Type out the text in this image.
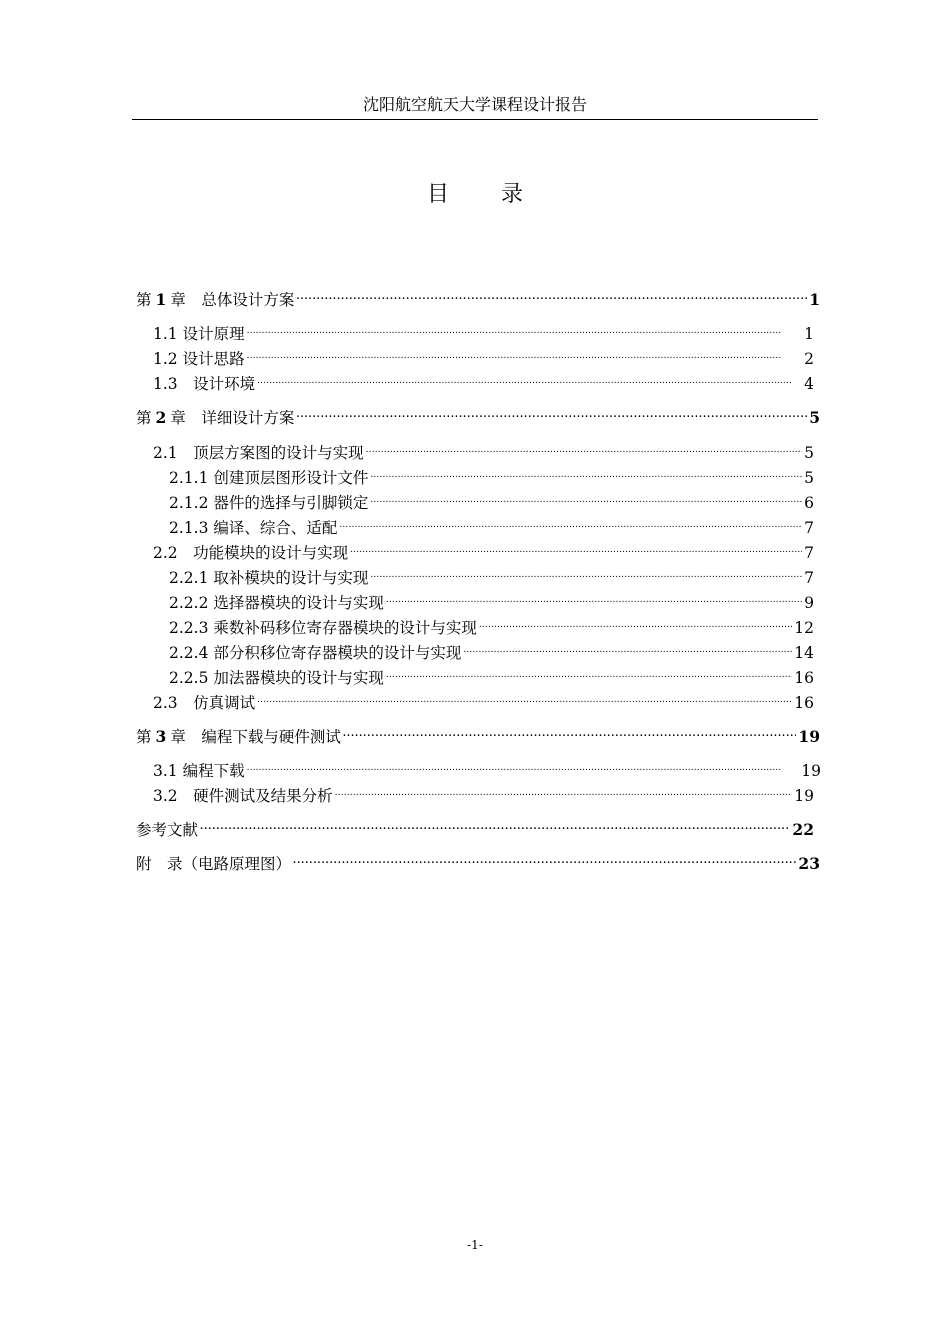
沈阳航空航天大学课程设计报告
目 录
第 1 章　总体设计方案 . . .	1
1.1 设计原理 . . .	1
1.2 设计思路 . . .	2
1.3　设计环境 . . .	4
第 2 章　详细设计方案 . . .	5
2.1　顶层方案图的设计与实现 . . .	5
2.1.1 创建顶层图形设计文件 . . .	5
2.1.2 器件的选择与引脚锁定 . . .	6
2.1.3 编译、综合、适配 . . .	7
2.2　功能模块的设计与实现 . . .	7
2.2.1 取补模块的设计与实现 . . .	7
2.2.2 选择器模块的设计与实现 . . .	9
2.2.3 乘数补码移位寄存器模块的设计与实现 . . .	12
2.2.4 部分积移位寄存器模块的设计与实现 . . .	14
2.2.5 加法器模块的设计与实现 . . .	16
2.3　仿真调试 . . .	16
第 3 章　编程下载与硬件测试 . . .	19
3.1 编程下载 . . .	19
3.2　硬件测试及结果分析 . . .	19
参考文献 . . .	22
附　录（电路原理图） . . .	23
-1-
